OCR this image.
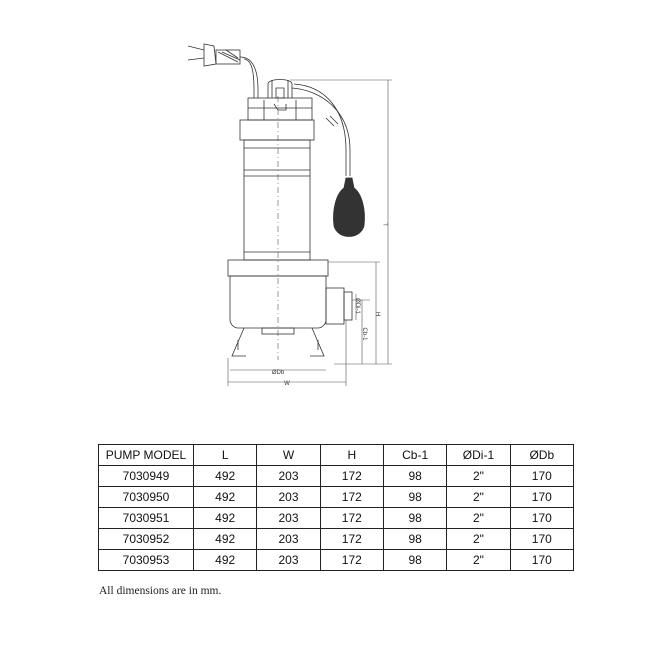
L
H
ØDi-1
Cb-1
ØDb
W
PUMP MODEL	L	W	H	Cb-1	ØDi-1	ØDb
7030949	492	203	172	98	2"	170
7030950	492	203	172	98	2"	170
7030951	492	203	172	98	2"	170
7030952	492	203	172	98	2"	170
7030953	492	203	172	98	2"	170
All dimensions are in mm.
